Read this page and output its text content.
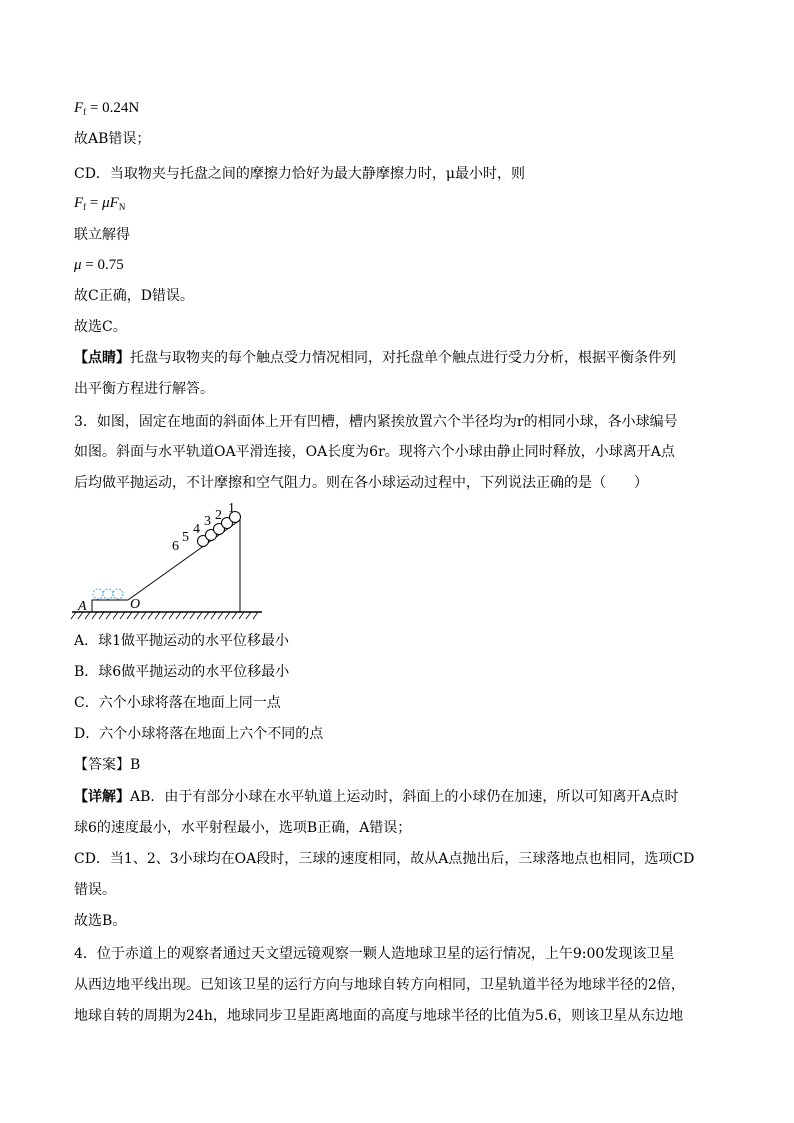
$F_f = 0.24N$
故AB错误；
CD．当取物夹与托盘之间的摩擦力恰好为最大静摩擦力时，μ最小时，则
$F_f = \mu F_N$
联立解得
μ = 0.75
故C正确，D错误。
故选C。
【点睛】托盘与取物夹的每个触点受力情况相同，对托盘单个触点进行受力分析，根据平衡条件列
出平衡方程进行解答。
3．如图，固定在地面的斜面体上开有凹槽，槽内紧挨放置六个半径均为r的相同小球，各小球编号
如图。斜面与水平轨道OA平滑连接，OA长度为6r。现将六个小球由静止同时释放，小球离开A点
后均做平抛运动，不计摩擦和空气阻力。则在各小球运动过程中，下列说法正确的是（　　）
6
5
4
3 2 1
A	O
A．球1做平抛运动的水平位移最小
B．球6做平抛运动的水平位移最小
C．六个小球将落在地面上同一点
D．六个小球将落在地面上六个不同的点
【答案】B
【详解】AB．由于有部分小球在水平轨道上运动时，斜面上的小球仍在加速，所以可知离开A点时
球6的速度最小，水平射程最小，选项B正确，A错误；
CD．当1、2、3小球均在OA段时，三球的速度相同，故从A点抛出后，三球落地点也相同，选项CD
错误。
故选B。
4．位于赤道上的观察者通过天文望远镜观察一颗人造地球卫星的运行情况，上午9:00发现该卫星
从西边地平线出现。已知该卫星的运行方向与地球自转方向相同，卫星轨道半径为地球半径的2倍，
地球自转的周期为24h，地球同步卫星距离地面的高度与地球半径的比值为5.6，则该卫星从东边地
